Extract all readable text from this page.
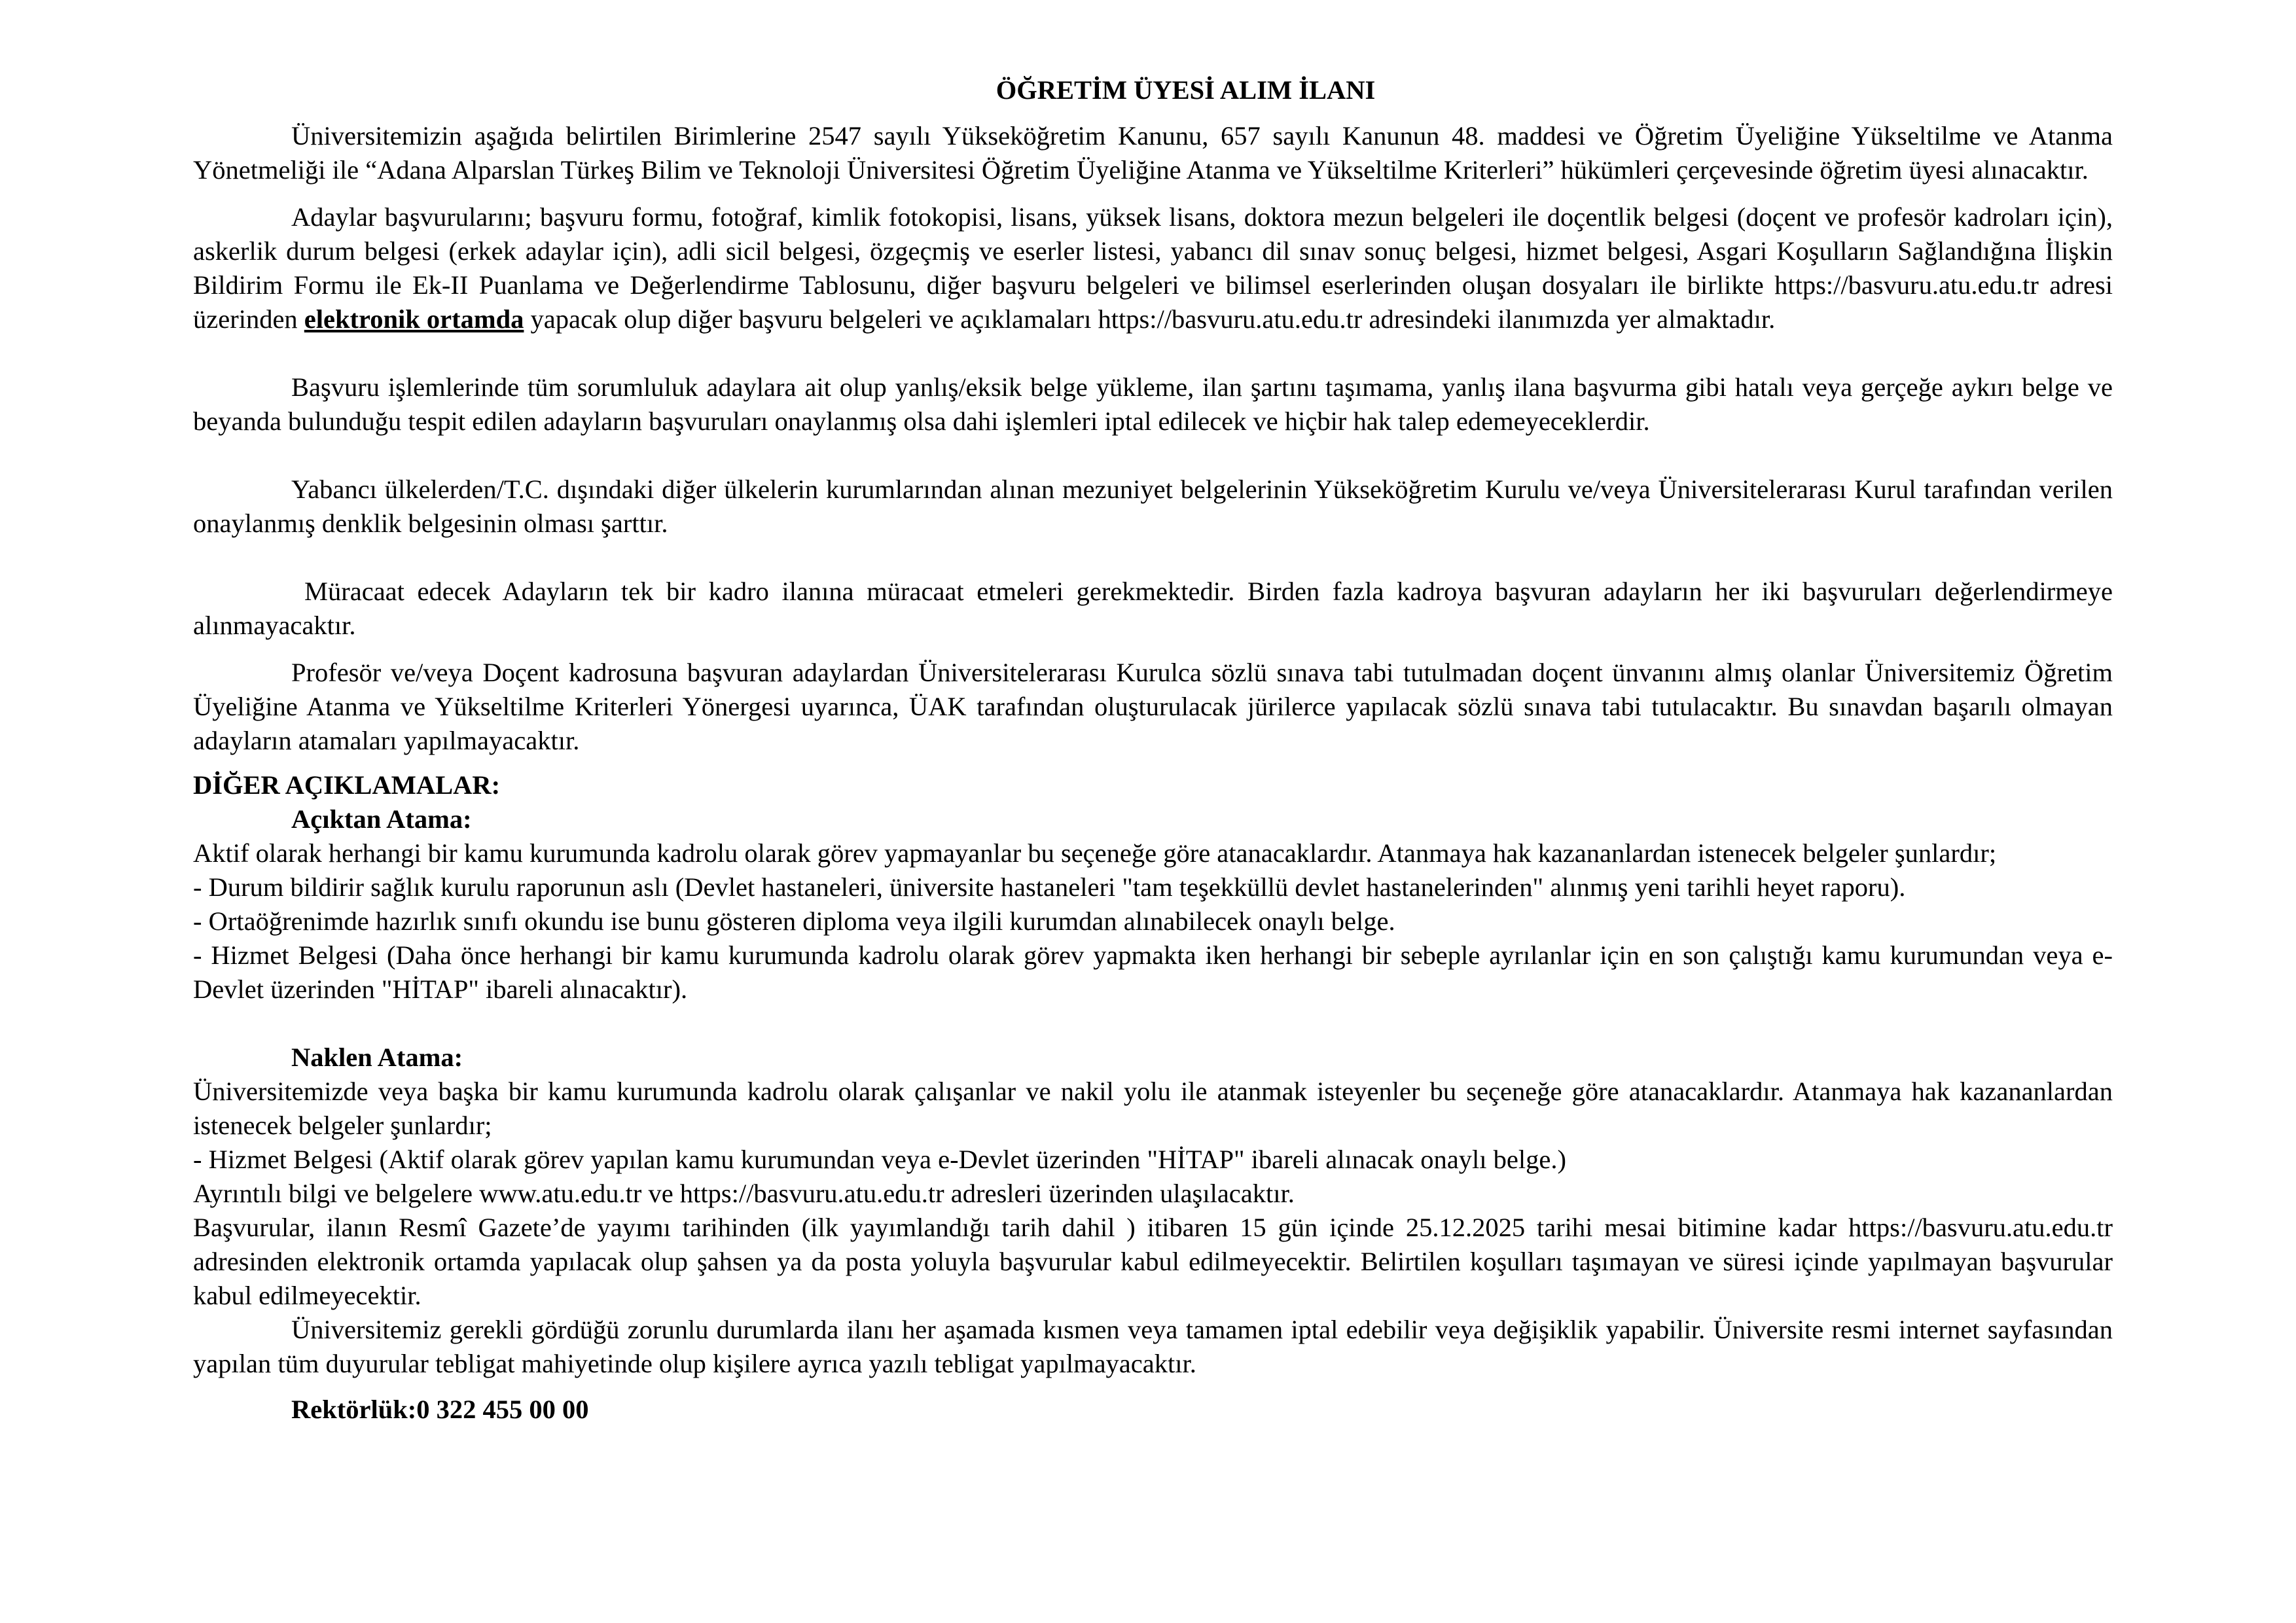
ÖĞRETİM ÜYESİ ALIM İLANI

Üniversitemizin aşağıda belirtilen Birimlerine 2547 sayılı Yükseköğretim Kanunu, 657 sayılı Kanunun 48. maddesi ve Öğretim Üyeliğine Yükseltilme ve Atanma Yönetmeliği ile “Adana Alparslan Türkeş Bilim ve Teknoloji Üniversitesi Öğretim Üyeliğine Atanma ve Yükseltilme Kriterleri” hükümleri çerçevesinde öğretim üyesi alınacaktır.

Adaylar başvurularını; başvuru formu, fotoğraf, kimlik fotokopisi, lisans, yüksek lisans, doktora mezun belgeleri ile doçentlik belgesi (doçent ve profesör kadroları için), askerlik durum belgesi (erkek adaylar için), adli sicil belgesi, özgeçmiş ve eserler listesi, yabancı dil sınav sonuç belgesi, hizmet belgesi, Asgari Koşulların Sağlandığına İlişkin Bildirim Formu ile Ek-II Puanlama ve Değerlendirme Tablosunu, diğer başvuru belgeleri ve bilimsel eserlerinden oluşan dosyaları ile birlikte https://basvuru.atu.edu.tr adresi üzerinden elektronik ortamda yapacak olup diğer başvuru belgeleri ve açıklamaları https://basvuru.atu.edu.tr adresindeki ilanımızda yer almaktadır.

Başvuru işlemlerinde tüm sorumluluk adaylara ait olup yanlış/eksik belge yükleme, ilan şartını taşımama, yanlış ilana başvurma gibi hatalı veya gerçeğe aykırı belge ve beyanda bulunduğu tespit edilen adayların başvuruları onaylanmış olsa dahi işlemleri iptal edilecek ve hiçbir hak talep edemeyeceklerdir.

Yabancı ülkelerden/T.C. dışındaki diğer ülkelerin kurumlarından alınan mezuniyet belgelerinin Yükseköğretim Kurulu ve/veya Üniversitelerarası Kurul tarafından verilen onaylanmış denklik belgesinin olması şarttır.

Müracaat edecek Adayların tek bir kadro ilanına müracaat etmeleri gerekmektedir. Birden fazla kadroya başvuran adayların her iki başvuruları değerlendirmeye alınmayacaktır.

Profesör ve/veya Doçent kadrosuna başvuran adaylardan Üniversitelerarası Kurulca sözlü sınava tabi tutulmadan doçent ünvanını almış olanlar Üniversitemiz Öğretim Üyeliğine Atanma ve Yükseltilme Kriterleri Yönergesi uyarınca, ÜAK tarafından oluşturulacak jürilerce yapılacak sözlü sınava tabi tutulacaktır. Bu sınavdan başarılı olmayan adayların atamaları yapılmayacaktır.

DİĞER AÇIKLAMALAR:

Açıktan Atama:

Aktif olarak herhangi bir kamu kurumunda kadrolu olarak görev yapmayanlar bu seçeneğe göre atanacaklardır. Atanmaya hak kazananlardan istenecek belgeler şunlardır;

- Durum bildirir sağlık kurulu raporunun aslı (Devlet hastaneleri, üniversite hastaneleri "tam teşekküllü devlet hastanelerinden" alınmış yeni tarihli heyet raporu).

- Ortaöğrenimde hazırlık sınıfı okundu ise bunu gösteren diploma veya ilgili kurumdan alınabilecek onaylı belge.

- Hizmet Belgesi (Daha önce herhangi bir kamu kurumunda kadrolu olarak görev yapmakta iken herhangi bir sebeple ayrılanlar için en son çalıştığı kamu kurumundan veya e-Devlet üzerinden "HİTAP" ibareli alınacaktır).

Naklen Atama:

Üniversitemizde veya başka bir kamu kurumunda kadrolu olarak çalışanlar ve nakil yolu ile atanmak isteyenler bu seçeneğe göre atanacaklardır. Atanmaya hak kazananlardan istenecek belgeler şunlardır;

- Hizmet Belgesi (Aktif olarak görev yapılan kamu kurumundan veya e-Devlet üzerinden "HİTAP" ibareli alınacak onaylı belge.)

Ayrıntılı bilgi ve belgelere www.atu.edu.tr ve https://basvuru.atu.edu.tr adresleri üzerinden ulaşılacaktır.

Başvurular, ilanın Resmî Gazete’de yayımı tarihinden (ilk yayımlandığı tarih dahil ) itibaren 15 gün içinde 25.12.2025 tarihi mesai bitimine kadar https://basvuru.atu.edu.tr adresinden elektronik ortamda yapılacak olup şahsen ya da posta yoluyla başvurular kabul edilmeyecektir. Belirtilen koşulları taşımayan ve süresi içinde yapılmayan başvurular kabul edilmeyecektir.

Üniversitemiz gerekli gördüğü zorunlu durumlarda ilanı her aşamada kısmen veya tamamen iptal edebilir veya değişiklik yapabilir. Üniversite resmi internet sayfasından yapılan tüm duyurular tebligat mahiyetinde olup kişilere ayrıca yazılı tebligat yapılmayacaktır.

Rektörlük:0 322 455 00 00
